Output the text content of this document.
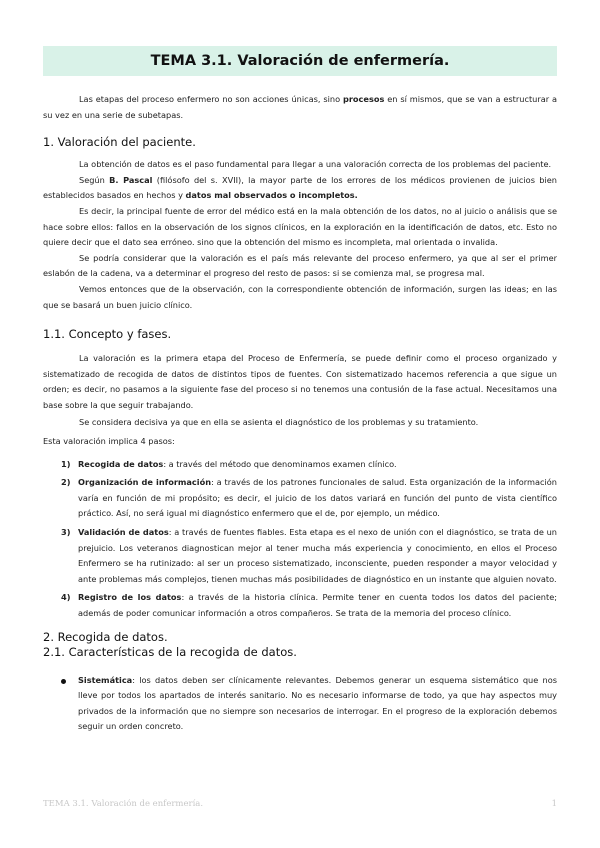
TEMA 3.1. Valoración de enfermería.

Las etapas del proceso enfermero no son acciones únicas, sino procesos en sí mismos, que se van a estructurar a su vez en una serie de subetapas.

1. Valoración del paciente.

La obtención de datos es el paso fundamental para llegar a una valoración correcta de los problemas del paciente.

Según B. Pascal (filósofo del s. XVII), la mayor parte de los errores de los médicos provienen de juicios bien establecidos basados en hechos y datos mal observados o incompletos.

Es decir, la principal fuente de error del médico está en la mala obtención de los datos, no al juicio o análisis que se hace sobre ellos: fallos en la observación de los signos clínicos, en la exploración en la identificación de datos, etc. Esto no quiere decir que el dato sea erróneo. sino que la obtención del mismo es incompleta, mal orientada o invalida.

Se podría considerar que la valoración es el país más relevante del proceso enfermero, ya que al ser el primer eslabón de la cadena, va a determinar el progreso del resto de pasos: si se comienza mal, se progresa mal.

Vemos entonces que de la observación, con la correspondiente obtención de información, surgen las ideas; en las que se basará un buen juicio clínico.

1.1. Concepto y fases.

La valoración es la primera etapa del Proceso de Enfermería, se puede definir como el proceso organizado y sistematizado de recogida de datos de distintos tipos de fuentes. Con sistematizado hacemos referencia a que sigue un orden; es decir, no pasamos a la siguiente fase del proceso si no tenemos una contusión de la fase actual. Necesitamos una base sobre la que seguir trabajando.

Se considera decisiva ya que en ella se asienta el diagnóstico de los problemas y su tratamiento.

Esta valoración implica 4 pasos:

1) Recogida de datos: a través del método que denominamos examen clínico.
2) Organización de información: a través de los patrones funcionales de salud. Esta organización de la información varía en función de mi propósito; es decir, el juicio de los datos variará en función del punto de vista científico práctico. Así, no será igual mi diagnóstico enfermero que el de, por ejemplo, un médico.
3) Validación de datos: a través de fuentes fiables. Esta etapa es el nexo de unión con el diagnóstico, se trata de un prejuicio. Los veteranos diagnostican mejor al tener mucha más experiencia y conocimiento, en ellos el Proceso Enfermero se ha rutinizado: al ser un proceso sistematizado, inconsciente, pueden responder a mayor velocidad y ante problemas más complejos, tienen muchas más posibilidades de diagnóstico en un instante que alguien novato.
4) Registro de los datos: a través de la historia clínica. Permite tener en cuenta todos los datos del paciente; además de poder comunicar información a otros compañeros. Se trata de la memoria del proceso clínico.
2. Recogida de datos.
2.1. Características de la recogida de datos.
Sistemática: los datos deben ser clínicamente relevantes. Debemos generar un esquema sistemático que nos lleve por todos los apartados de interés sanitario. No es necesario informarse de todo, ya que hay aspectos muy privados de la información que no siempre son necesarios de interrogar. En el progreso de la exploración debemos seguir un orden concreto.
TEMA 3.1. Valoración de enfermería.	1
